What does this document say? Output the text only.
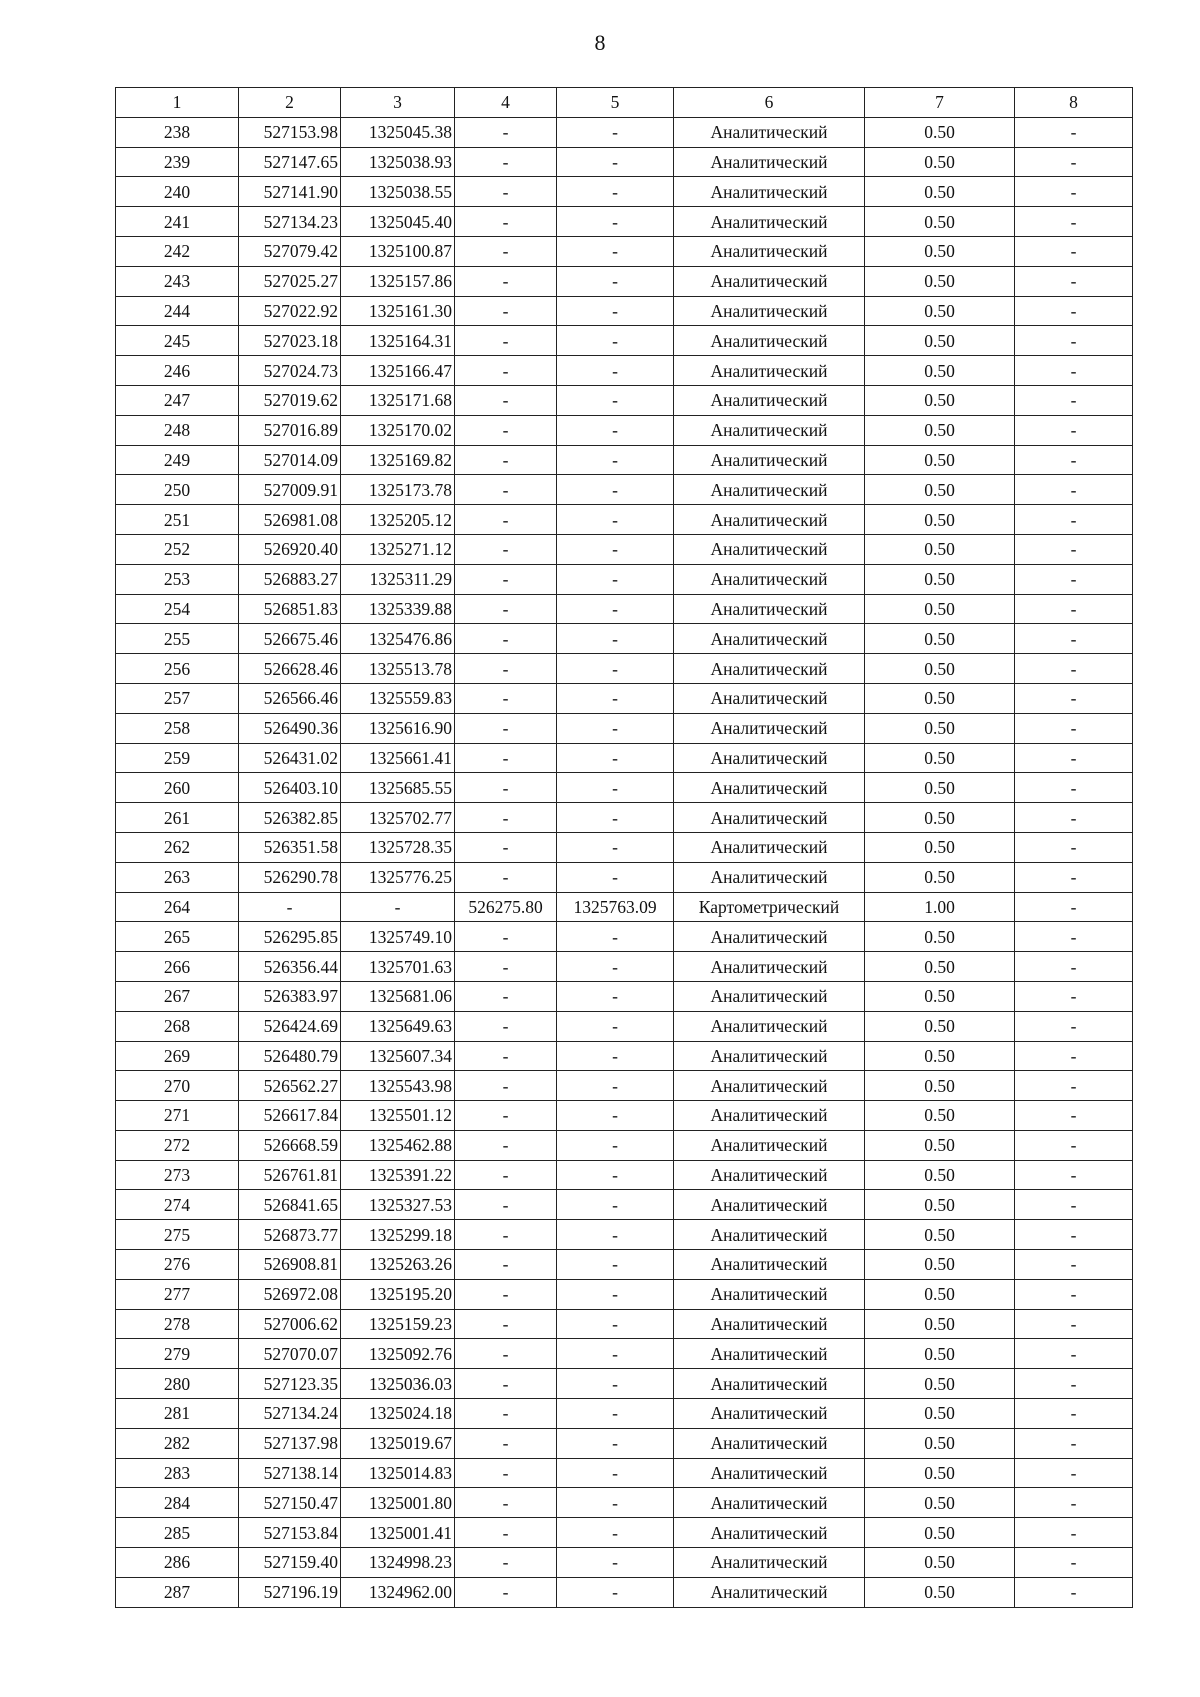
8
1	2	3	4	5	6	7	8
238	527153.98	1325045.38	-	-	Аналитический	0.50	-
239	527147.65	1325038.93	-	-	Аналитический	0.50	-
240	527141.90	1325038.55	-	-	Аналитический	0.50	-
241	527134.23	1325045.40	-	-	Аналитический	0.50	-
242	527079.42	1325100.87	-	-	Аналитический	0.50	-
243	527025.27	1325157.86	-	-	Аналитический	0.50	-
244	527022.92	1325161.30	-	-	Аналитический	0.50	-
245	527023.18	1325164.31	-	-	Аналитический	0.50	-
246	527024.73	1325166.47	-	-	Аналитический	0.50	-
247	527019.62	1325171.68	-	-	Аналитический	0.50	-
248	527016.89	1325170.02	-	-	Аналитический	0.50	-
249	527014.09	1325169.82	-	-	Аналитический	0.50	-
250	527009.91	1325173.78	-	-	Аналитический	0.50	-
251	526981.08	1325205.12	-	-	Аналитический	0.50	-
252	526920.40	1325271.12	-	-	Аналитический	0.50	-
253	526883.27	1325311.29	-	-	Аналитический	0.50	-
254	526851.83	1325339.88	-	-	Аналитический	0.50	-
255	526675.46	1325476.86	-	-	Аналитический	0.50	-
256	526628.46	1325513.78	-	-	Аналитический	0.50	-
257	526566.46	1325559.83	-	-	Аналитический	0.50	-
258	526490.36	1325616.90	-	-	Аналитический	0.50	-
259	526431.02	1325661.41	-	-	Аналитический	0.50	-
260	526403.10	1325685.55	-	-	Аналитический	0.50	-
261	526382.85	1325702.77	-	-	Аналитический	0.50	-
262	526351.58	1325728.35	-	-	Аналитический	0.50	-
263	526290.78	1325776.25	-	-	Аналитический	0.50	-
264	-	-	526275.80	1325763.09	Картометрический	1.00	-
265	526295.85	1325749.10	-	-	Аналитический	0.50	-
266	526356.44	1325701.63	-	-	Аналитический	0.50	-
267	526383.97	1325681.06	-	-	Аналитический	0.50	-
268	526424.69	1325649.63	-	-	Аналитический	0.50	-
269	526480.79	1325607.34	-	-	Аналитический	0.50	-
270	526562.27	1325543.98	-	-	Аналитический	0.50	-
271	526617.84	1325501.12	-	-	Аналитический	0.50	-
272	526668.59	1325462.88	-	-	Аналитический	0.50	-
273	526761.81	1325391.22	-	-	Аналитический	0.50	-
274	526841.65	1325327.53	-	-	Аналитический	0.50	-
275	526873.77	1325299.18	-	-	Аналитический	0.50	-
276	526908.81	1325263.26	-	-	Аналитический	0.50	-
277	526972.08	1325195.20	-	-	Аналитический	0.50	-
278	527006.62	1325159.23	-	-	Аналитический	0.50	-
279	527070.07	1325092.76	-	-	Аналитический	0.50	-
280	527123.35	1325036.03	-	-	Аналитический	0.50	-
281	527134.24	1325024.18	-	-	Аналитический	0.50	-
282	527137.98	1325019.67	-	-	Аналитический	0.50	-
283	527138.14	1325014.83	-	-	Аналитический	0.50	-
284	527150.47	1325001.80	-	-	Аналитический	0.50	-
285	527153.84	1325001.41	-	-	Аналитический	0.50	-
286	527159.40	1324998.23	-	-	Аналитический	0.50	-
287	527196.19	1324962.00	-	-	Аналитический	0.50	-
